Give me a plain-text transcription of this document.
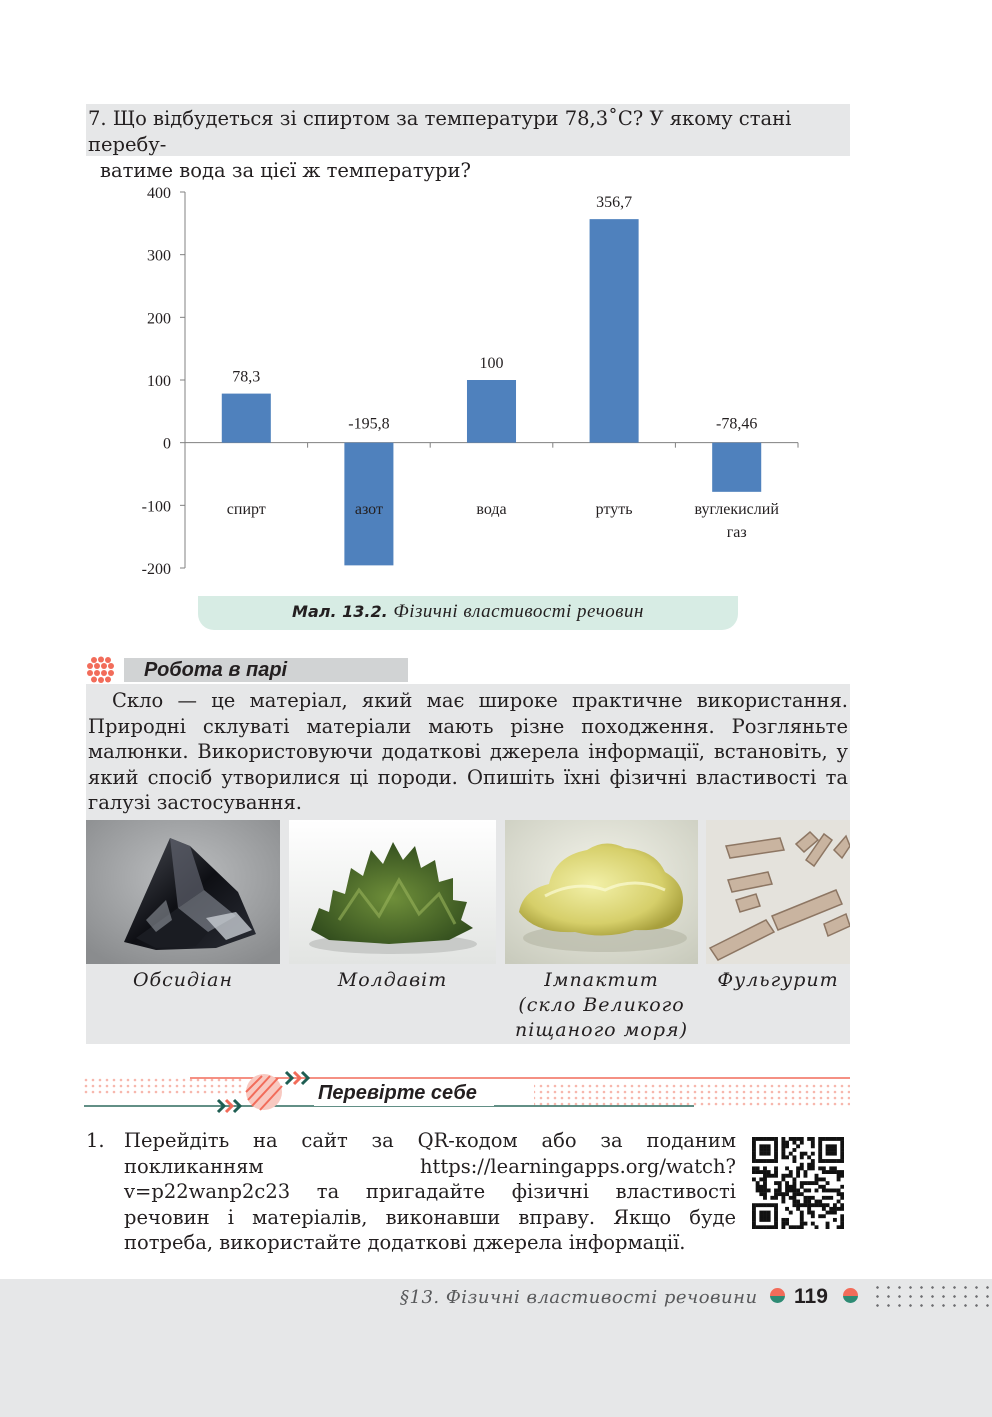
7. Що відбудеться зі спиртом за температури 78,3˚С? У якому стані перебу-
ватиме вода за цієї ж температури?
400
300
200
100
0
-100
-200
78,3
спирт
-195,8
азот
100
вода
356,7
ртуть
-78,46
вуглекислий
газ
Мал. 13.2. Фізичні властивості речовин
Робота в парі
Скло — це матеріал, який має широке практичне використання. Природні склуваті матеріали мають різне походження. Розгляньте малюнки. Використовуючи додаткові джерела інформації, встановіть, у який спосіб утворилися ці породи. Опишіть їхні фізичні властивості та галузі застосування.
Обсидіан	Молдавіт	Імпактит
(скло Великого
піщаного моря)
Фульгурит
Перевірте себе
1. Перейдіть на сайт за QR-кодом або за поданим покликанням https://learningapps.org/watch?v=p22wanp2c23 та пригадайте фізичні властивості речовин і матеріалів, виконавши вправу. Якщо буде потреба, використайте додаткові джерела інформації.
§13. Фізичні властивості речовини 119
